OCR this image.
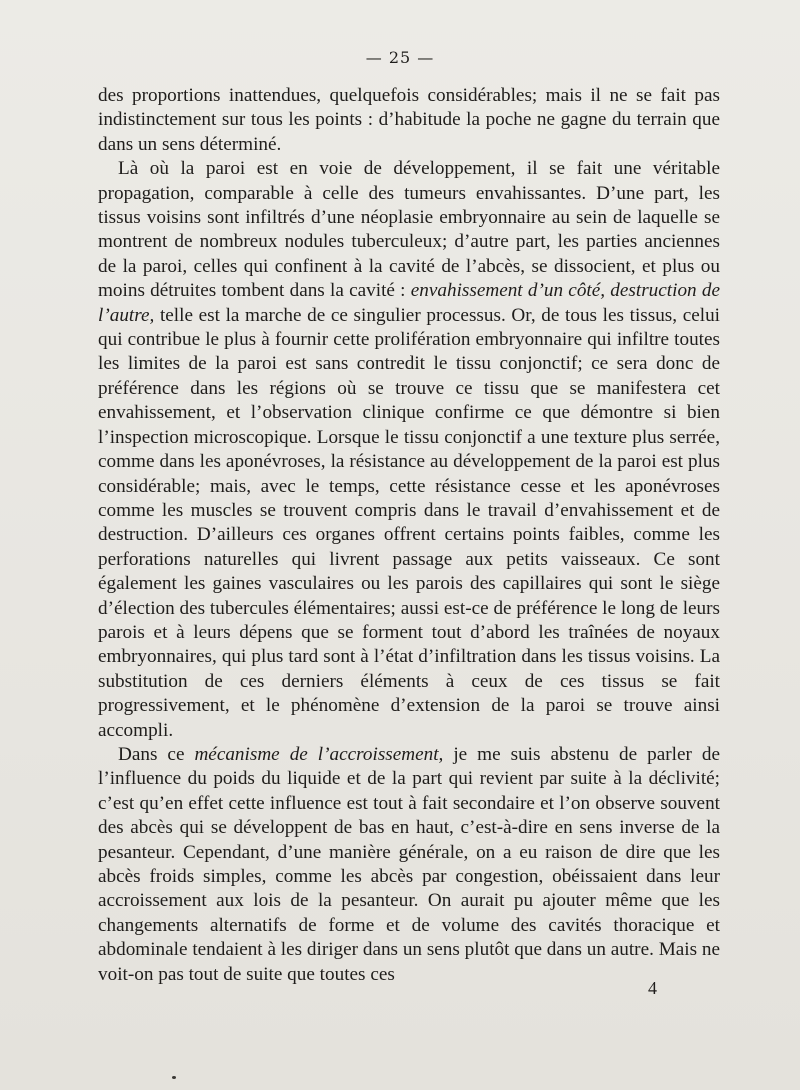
— 25 —

des proportions inattendues, quelquefois considérables; mais il ne se fait pas indistinctement sur tous les points : d’habitude la poche ne gagne du terrain que dans un sens déterminé.

Là où la paroi est en voie de développement, il se fait une véritable propagation, comparable à celle des tumeurs envahissantes. D’une part, les tissus voisins sont infiltrés d’une néoplasie embryonnaire au sein de laquelle se montrent de nombreux nodules tuberculeux; d’autre part, les parties anciennes de la paroi, celles qui confinent à la cavité de l’abcès, se dissocient, et plus ou moins détruites tombent dans la cavité : envahissement d’un côté, destruction de l’autre, telle est la marche de ce singulier processus. Or, de tous les tissus, celui qui contribue le plus à fournir cette prolifération embryonnaire qui infiltre toutes les limites de la paroi est sans contredit le tissu conjonctif; ce sera donc de préférence dans les régions où se trouve ce tissu que se manifestera cet envahissement, et l’observation clinique confirme ce que démontre si bien l’inspection microscopique. Lorsque le tissu conjonctif a une texture plus serrée, comme dans les aponévroses, la résistance au développement de la paroi est plus considérable; mais, avec le temps, cette résistance cesse et les aponévroses comme les muscles se trouvent compris dans le travail d’envahissement et de destruction. D’ailleurs ces organes offrent certains points faibles, comme les perforations naturelles qui livrent passage aux petits vaisseaux. Ce sont également les gaines vasculaires ou les parois des capillaires qui sont le siège d’élection des tubercules élémentaires; aussi est-ce de préférence le long de leurs parois et à leurs dépens que se forment tout d’abord les traînées de noyaux embryonnaires, qui plus tard sont à l’état d’infiltration dans les tissus voisins. La substitution de ces derniers éléments à ceux de ces tissus se fait progressivement, et le phénomène d’extension de la paroi se trouve ainsi accompli.

Dans ce mécanisme de l’accroissement, je me suis abstenu de parler de l’influence du poids du liquide et de la part qui revient par suite à la déclivité; c’est qu’en effet cette influence est tout à fait secondaire et l’on observe souvent des abcès qui se développent de bas en haut, c’est-à-dire en sens inverse de la pesanteur. Cependant, d’une manière générale, on a eu raison de dire que les abcès froids simples, comme les abcès par congestion, obéissaient dans leur accroissement aux lois de la pesanteur. On aurait pu ajouter même que les changements alternatifs de forme et de volume des cavités thoracique et abdominale tendaient à les diriger dans un sens plutôt que dans un autre. Mais ne voit-on pas tout de suite que toutes ces

4
